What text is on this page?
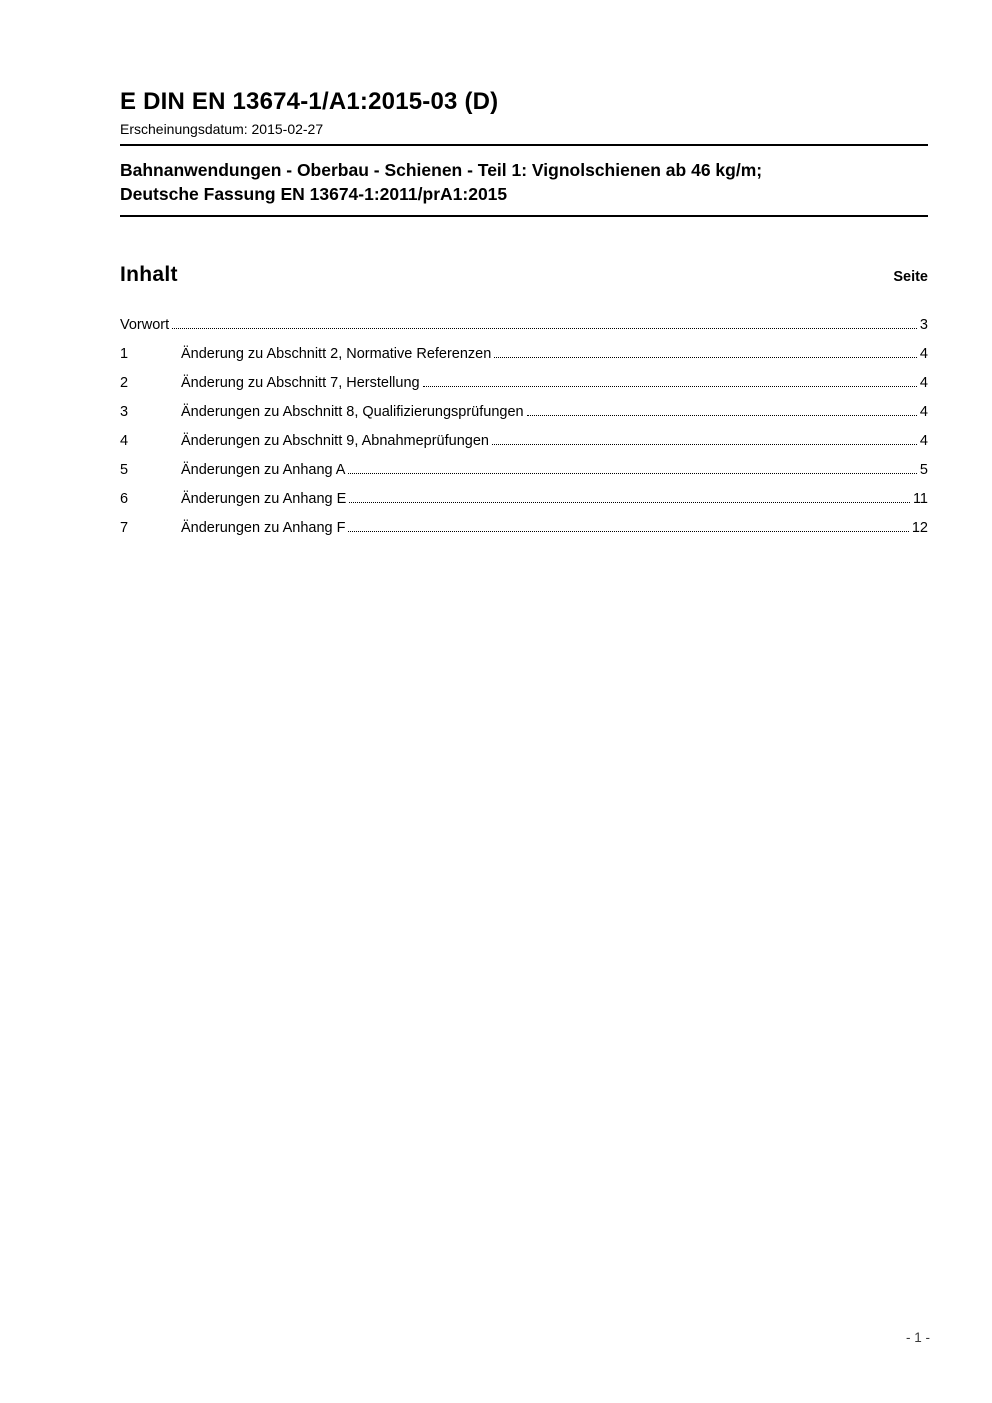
E DIN EN 13674-1/A1:2015-03 (D)
Erscheinungsdatum: 2015-02-27
Bahnanwendungen - Oberbau - Schienen - Teil 1: Vignolschienen ab 46 kg/m;
Deutsche Fassung EN 13674-1:2011/prA1:2015
Inhalt	Seite
Vorwort	3
1	Änderung zu Abschnitt 2, Normative Referenzen	4
2	Änderung zu Abschnitt 7, Herstellung	4
3	Änderungen zu Abschnitt 8, Qualifizierungsprüfungen	4
4	Änderungen zu Abschnitt 9, Abnahmeprüfungen	4
5	Änderungen zu Anhang A	5
6	Änderungen zu Anhang E	11
7	Änderungen zu Anhang F	12
- 1 -
